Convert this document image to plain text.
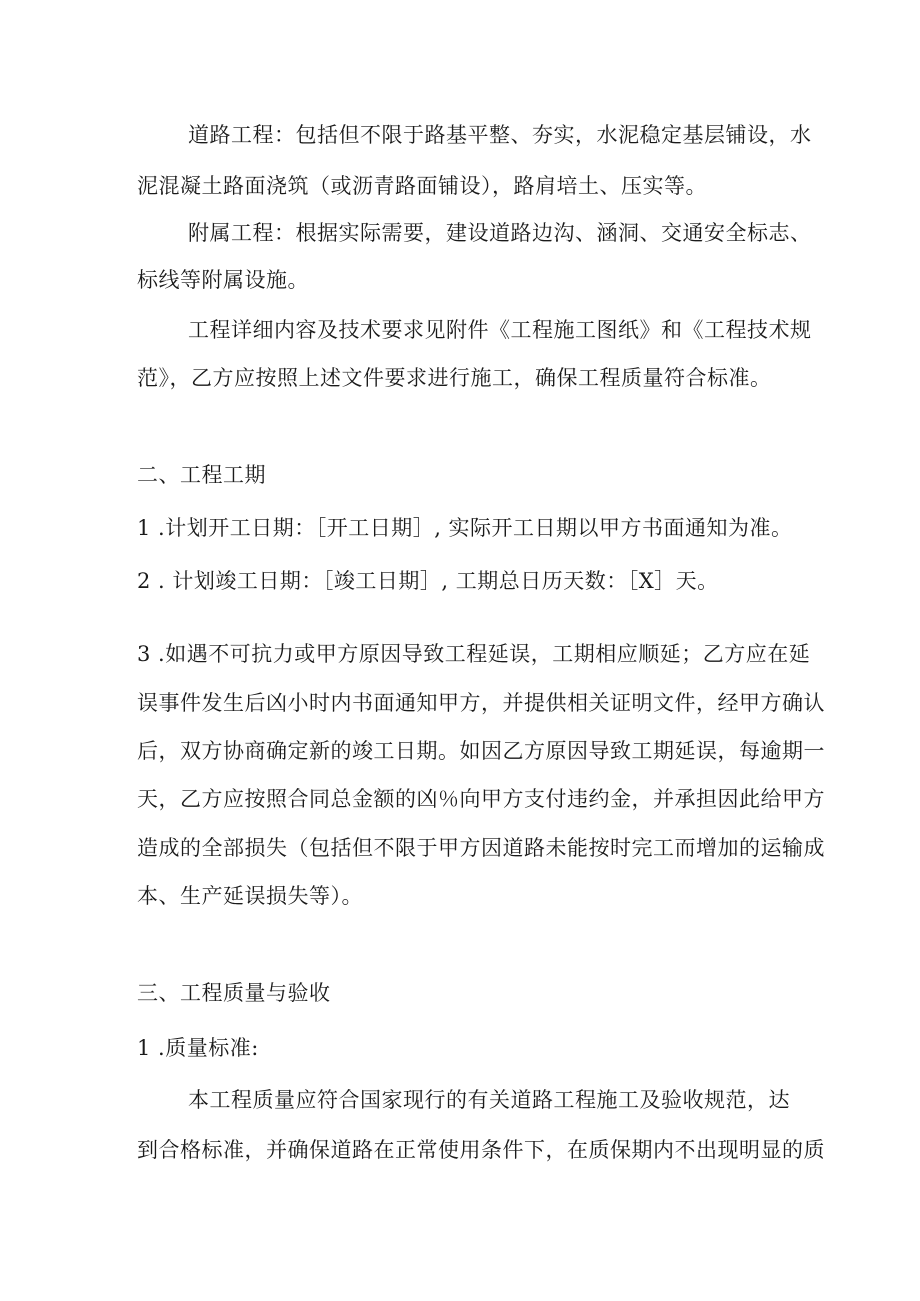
道路工程：包括但不限于路基平整、夯实，水泥稳定基层铺设，水
泥混凝土路面浇筑（或沥青路面铺设），路肩培土、压实等。
附属工程：根据实际需要，建设道路边沟、涵洞、交通安全标志、
标线等附属设施。
工程详细内容及技术要求见附件《工程施工图纸》和《工程技术规
范》，乙方应按照上述文件要求进行施工，确保工程质量符合标准。
二、工程工期
1 .计划开工日期：［开工日期］, 实际开工日期以甲方书面通知为准。
2 . 计划竣工日期：［竣工日期］, 工期总日历天数：［X］天。
3 .如遇不可抗力或甲方原因导致工程延误，工期相应顺延；乙方应在延
误事件发生后凶小时内书面通知甲方，并提供相关证明文件，经甲方确认
后，双方协商确定新的竣工日期。如因乙方原因导致工期延误，每逾期一
天，乙方应按照合同总金额的凶％向甲方支付违约金，并承担因此给甲方
造成的全部损失（包括但不限于甲方因道路未能按时完工而增加的运输成
本、生产延误损失等）。
三、工程质量与验收
1 .质量标准:
本工程质量应符合国家现行的有关道路工程施工及验收规范，达
到合格标准，并确保道路在正常使用条件下，在质保期内不出现明显的质
